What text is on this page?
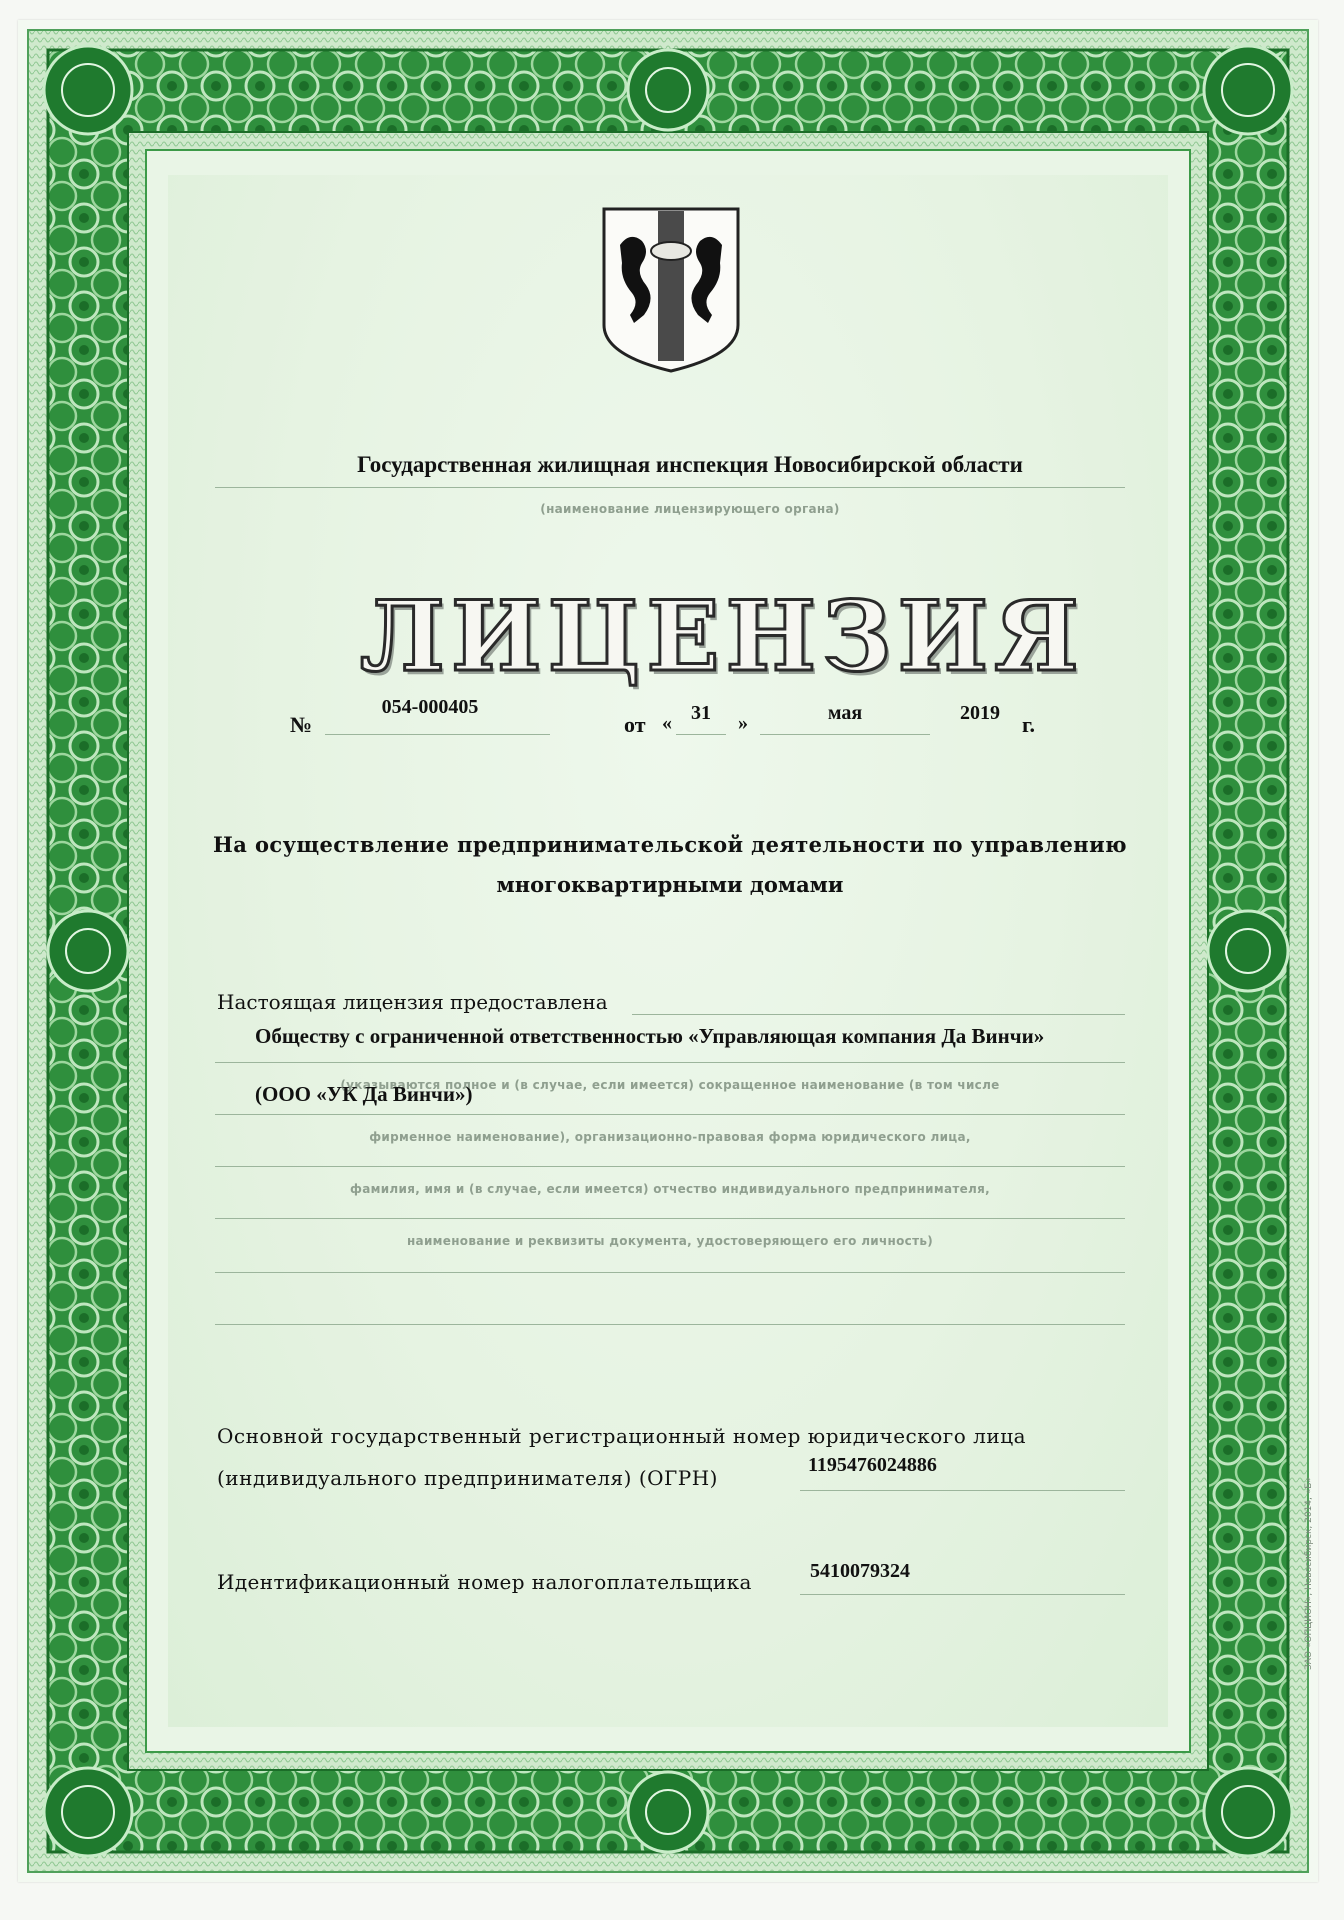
Государственная жилищная инспекция Новосибирской области

(наименование лицензирующего органа)

ЛИЦЕНЗИЯ

№

054-000405

от « 31	»	мая	2019	г.

На осуществление предпринимательской деятельности по управлению

многоквартирными домами

Настоящая лицензия предоставлена

Обществу с ограниченной ответственностью «Управляющая компания Да Винчи»

(указываются полное и (в случае, если имеется) сокращенное наименование (в том числе

(ООО «УК Да Винчи»)

фирменное наименование), организационно-правовая форма юридического лица,

фамилия, имя и (в случае, если имеется) отчество индивидуального предпринимателя,

наименование и реквизиты документа, удостоверяющего его личность)

Основной государственный регистрационный номер юридического лица

(индивидуального предпринимателя) (ОГРН)

1195476024886

Идентификационный номер налогоплательщика	5410079324	ЗАО «ОПЦИОН», Новосибирск, 2014, «Б»
